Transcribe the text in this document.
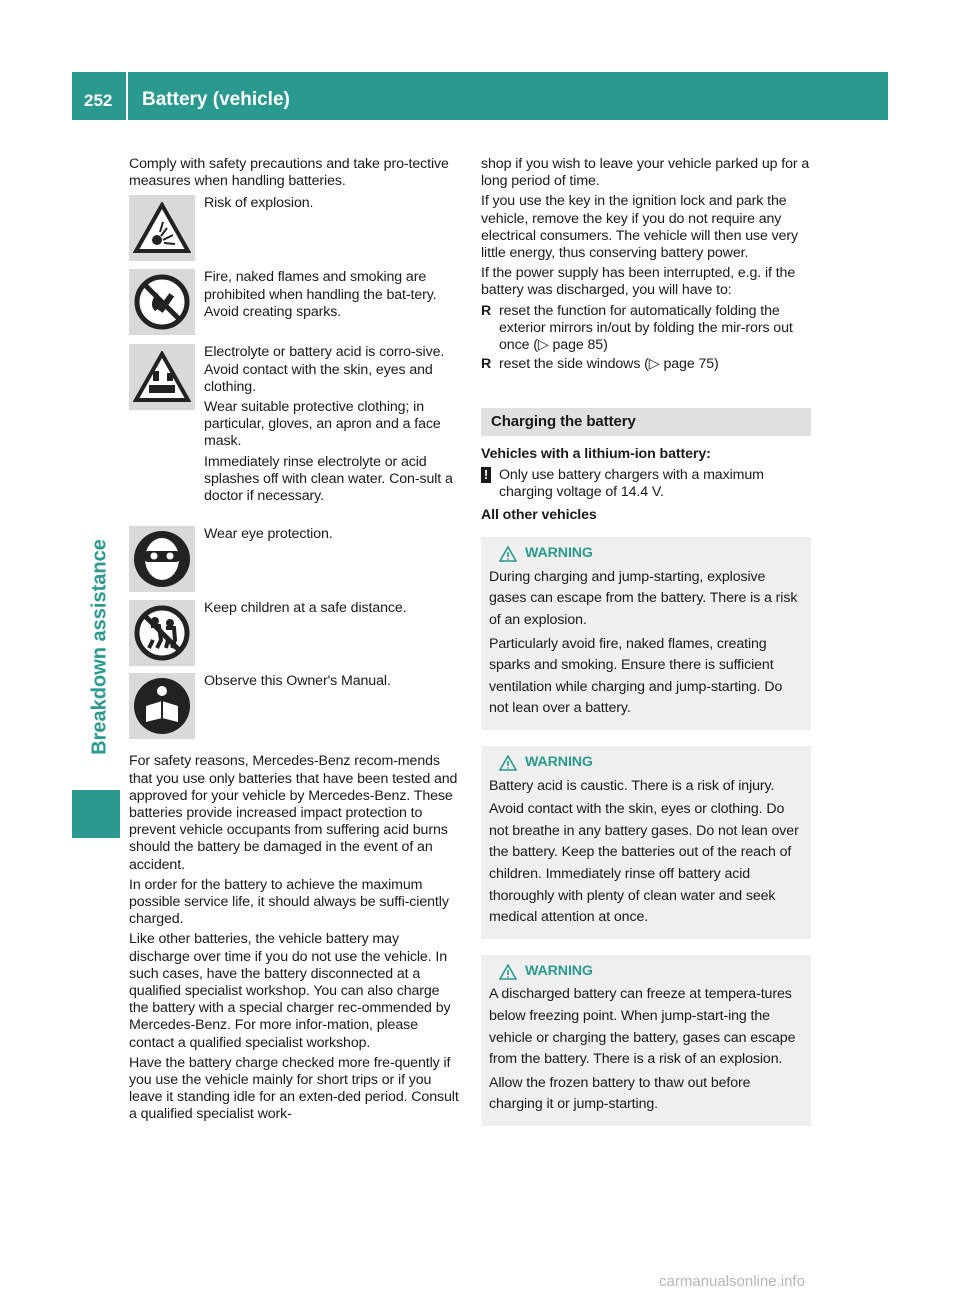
252 Battery (vehicle)
Breakdown assistance

Comply with safety precautions and take pro-tective measures when handling batteries.

Risk of explosion.

Fire, naked flames and smoking are prohibited when handling the bat-tery. Avoid creating sparks.

Electrolyte or battery acid is corro-sive. Avoid contact with the skin, eyes and clothing.

Wear suitable protective clothing; in particular, gloves, an apron and a face mask.

Immediately rinse electrolyte or acid splashes off with clean water. Con-sult a doctor if necessary.

Wear eye protection.

Keep children at a safe distance.

Observe this Owner's Manual.

For safety reasons, Mercedes-Benz recom-mends that you use only batteries that have been tested and approved for your vehicle by Mercedes-Benz. These batteries provide increased impact protection to prevent vehicle occupants from suffering acid burns should the battery be damaged in the event of an accident.

In order for the battery to achieve the maximum possible service life, it should always be suffi-ciently charged.

Like other batteries, the vehicle battery may discharge over time if you do not use the vehicle. In such cases, have the battery disconnected at a qualified specialist workshop. You can also charge the battery with a special charger rec-ommended by Mercedes-Benz. For more infor-mation, please contact a qualified specialist workshop.

Have the battery charge checked more fre-quently if you use the vehicle mainly for short trips or if you leave it standing idle for an exten-ded period. Consult a qualified specialist work-

shop if you wish to leave your vehicle parked up for a long period of time.

If you use the key in the ignition lock and park the vehicle, remove the key if you do not require any electrical consumers. The vehicle will then use very little energy, thus conserving battery power.

If the power supply has been interrupted, e.g. if the battery was discharged, you will have to:

R reset the function for automatically folding the exterior mirrors in/out by folding the mir-rors out once (▷ page 85)
R reset the side windows (▷ page 75)
Charging the battery

Vehicles with a lithium-ion battery:

! Only use battery chargers with a maximum charging voltage of 14.4 V.

All other vehicles

WARNING

During charging and jump-starting, explosive gases can escape from the battery. There is a risk of an explosion.

Particularly avoid fire, naked flames, creating sparks and smoking. Ensure there is sufficient ventilation while charging and jump-starting. Do not lean over a battery.

WARNING

Battery acid is caustic. There is a risk of injury.

Avoid contact with the skin, eyes or clothing. Do not breathe in any battery gases. Do not lean over the battery. Keep the batteries out of the reach of children. Immediately rinse off battery acid thoroughly with plenty of clean water and seek medical attention at once.

WARNING

A discharged battery can freeze at tempera-tures below freezing point. When jump-start-ing the vehicle or charging the battery, gases can escape from the battery. There is a risk of an explosion.

Allow the frozen battery to thaw out before charging it or jump-starting.

carmanualsonline.info
